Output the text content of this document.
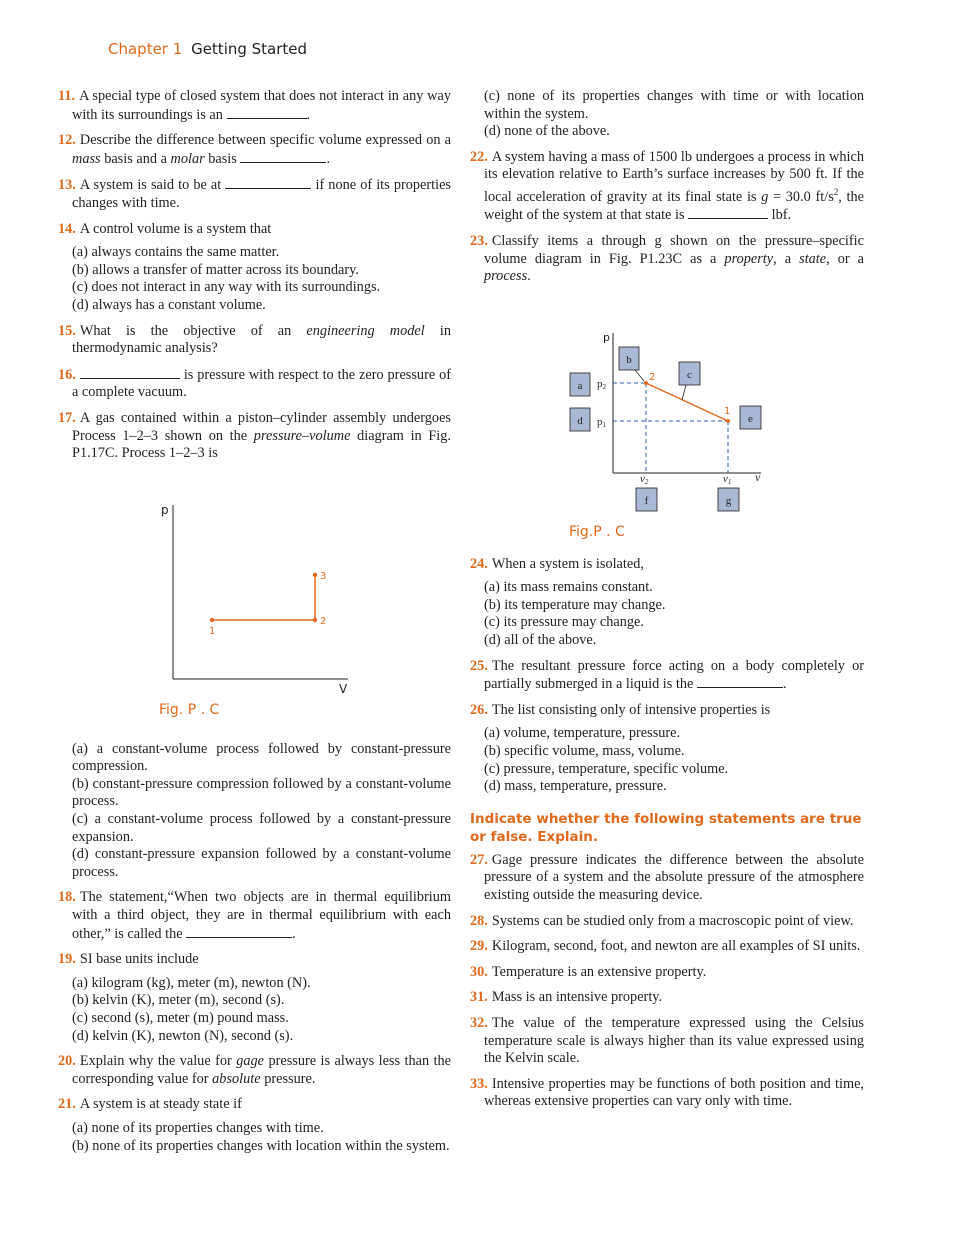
Chapter 1 Getting Started

11. A special type of closed system that does not interact in any way with its surroundings is an	.

12. Describe the difference between specific volume expressed on a mass basis and a molar basis	.

13. A system is said to be at	if none of its properties changes with time.

14. A control volume is a system that

(a) always contains the same matter.
(b) allows a transfer of matter across its boundary.
(c) does not interact in any way with its surroundings.
(d) always has a constant volume.

15. What is the objective of an engineering model in thermodynamic analysis?

16.	is pressure with respect to the zero pressure of a complete vacuum.

17. A gas contained within a piston–cylinder assembly undergoes Process 1–2–3 shown on the pressure–volume diagram in Fig. P1.17C. Process 1–2–3 is

p
V
1
2
3
Fig. P . C
(a) a constant-volume process followed by constant-pressure compression.
(b) constant-pressure compression followed by a constant-volume process.
(c) a constant-volume process followed by a constant-pressure expansion.
(d) constant-pressure expansion followed by a constant-volume process.

18. The statement,“When two objects are in thermal equilibrium with a third object, they are in thermal equilibrium with each other,” is called the	.

19. SI base units include

(a) kilogram (kg), meter (m), newton (N).
(b) kelvin (K), meter (m), second (s).
(c) second (s), meter (m) pound mass.
(d) kelvin (K), newton (N), second (s).

20. Explain why the value for gage pressure is always less than the corresponding value for absolute pressure.

21. A system is at steady state if

(a) none of its properties changes with time.
(b) none of its properties changes with location within the system.
(c) none of its properties changes with time or with location within the system.
(d) none of the above.

22. A system having a mass of 1500 lb undergoes a process in which its elevation relative to Earth’s surface increases by 500 ft. If the local acceleration of gravity at its final state is g = 30.0 $ft/s^2$, the weight of the system at that state is	lbf.

23. Classify items a through g shown on the pressure–specific volume diagram in Fig. P1.23C as a property, a state, or a process.

p
v
2
1
p2
p1
v2	v1
a
d
b
c
e
f	g
Fig.P . C

24. When a system is isolated,

(a) its mass remains constant.
(b) its temperature may change.
(c) its pressure may change.
(d) all of the above.

25. The resultant pressure force acting on a body completely or partially submerged in a liquid is the	.

26. The list consisting only of intensive properties is

(a) volume, temperature, pressure.
(b) specific volume, mass, volume.
(c) pressure, temperature, specific volume.
(d) mass, temperature, pressure.
Indicate whether the following statements are true or false. Explain.

27. Gage pressure indicates the difference between the absolute pressure of a system and the absolute pressure of the atmosphere existing outside the measuring device.

28. Systems can be studied only from a macroscopic point of view.

29. Kilogram, second, foot, and newton are all examples of SI units.

30. Temperature is an extensive property.

31. Mass is an intensive property.

32. The value of the temperature expressed using the Celsius temperature scale is always higher than its value expressed using the Kelvin scale.

33. Intensive properties may be functions of both position and time, whereas extensive properties can vary only with time.
